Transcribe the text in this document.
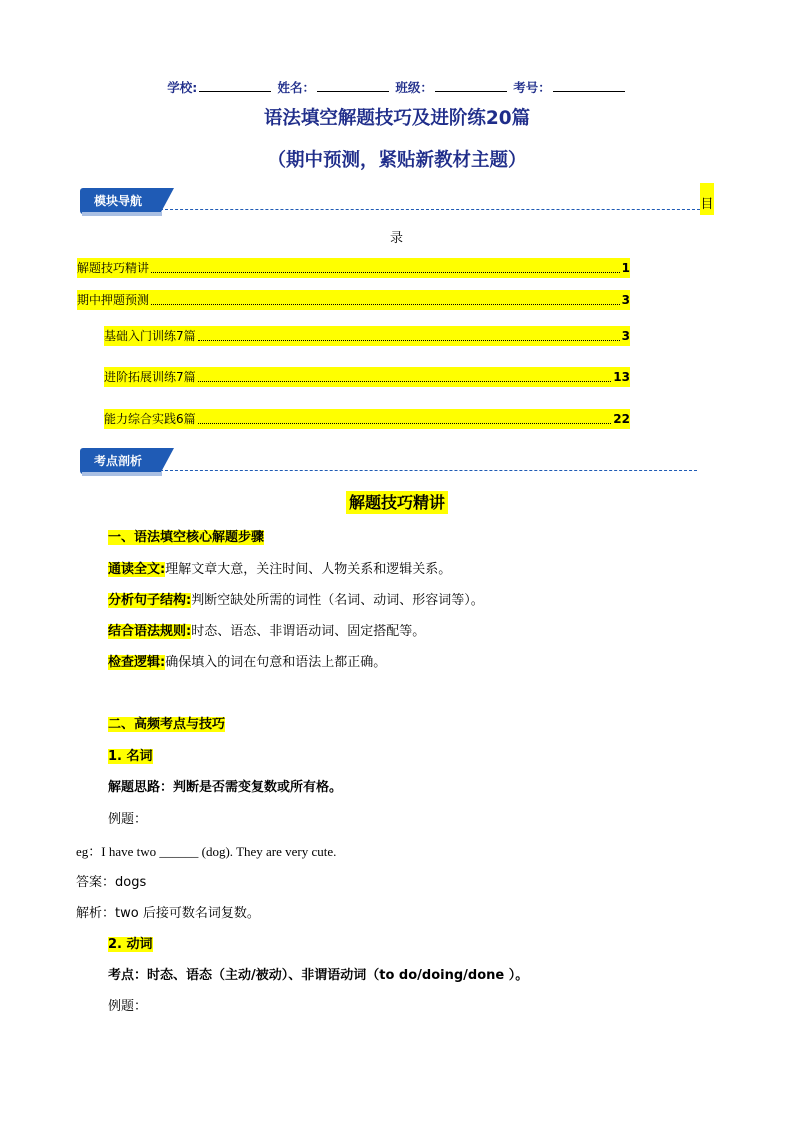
学校:	姓名：	班级：	考号：
语法填空解题技巧及进阶练20篇
（期中预测，紧贴新教材主题）
模块导航	目
录
解题技巧精讲	1
期中押题预测	3
基础入门训练7篇	3
进阶拓展训练7篇	13
能力综合实践6篇	22
考点剖析
解题技巧精讲
一、语法填空核心解题步骤
通读全文:理解文章大意，关注时间、人物关系和逻辑关系。
分析句子结构:判断空缺处所需的词性（名词、动词、形容词等）。
结合语法规则:时态、语态、非谓语动词、固定搭配等。
检查逻辑:确保填入的词在句意和语法上都正确。
二、高频考点与技巧
1. 名词
解题思路：判断是否需变复数或所有格。
例题：
eg：I have two ______ (dog). They are very cute.
答案：dogs
解析：two 后接可数名词复数。
2. 动词
考点：时态、语态（主动/被动）、非谓语动词（to do/doing/done ）。
例题：
